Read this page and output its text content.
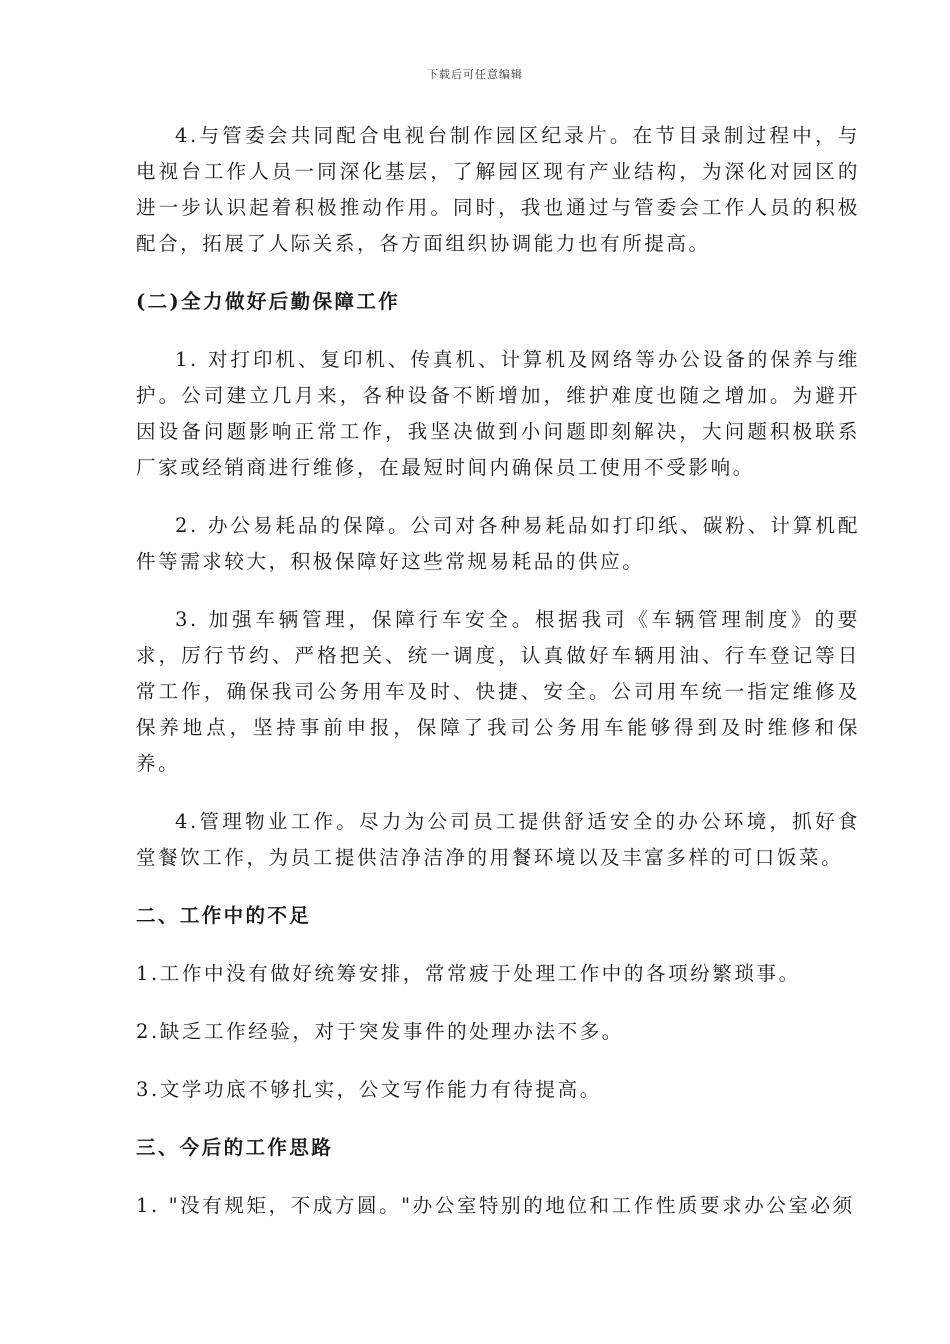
下载后可任意编辑

4.与管委会共同配合电视台制作园区纪录片。在节目录制过程中，与电视台工作人员一同深化基层，了解园区现有产业结构，为深化对园区的进一步认识起着积极推动作用。同时，我也通过与管委会工作人员的积极配合，拓展了人际关系，各方面组织协调能力也有所提高。

(二)全力做好后勤保障工作

1. 对打印机、复印机、传真机、计算机及网络等办公设备的保养与维护。公司建立几月来，各种设备不断增加，维护难度也随之增加。为避开因设备问题影响正常工作，我坚决做到小问题即刻解决，大问题积极联系厂家或经销商进行维修，在最短时间内确保员工使用不受影响。

2. 办公易耗品的保障。公司对各种易耗品如打印纸、碳粉、计算机配件等需求较大，积极保障好这些常规易耗品的供应。

3. 加强车辆管理，保障行车安全。根据我司《车辆管理制度》的要求，厉行节约、严格把关、统一调度，认真做好车辆用油、行车登记等日常工作，确保我司公务用车及时、快捷、安全。公司用车统一指定维修及保养地点，坚持事前申报，保障了我司公务用车能够得到及时维修和保养。

4.管理物业工作。尽力为公司员工提供舒适安全的办公环境，抓好食堂餐饮工作，为员工提供洁净洁净的用餐环境以及丰富多样的可口饭菜。

二、工作中的不足
1.工作中没有做好统筹安排，常常疲于处理工作中的各项纷繁琐事。
2.缺乏工作经验，对于突发事件的处理办法不多。
3.文学功底不够扎实，公文写作能力有待提高。
三、今后的工作思路
1. "没有规矩，不成方圆。"办公室特别的地位和工作性质要求办公室必须
